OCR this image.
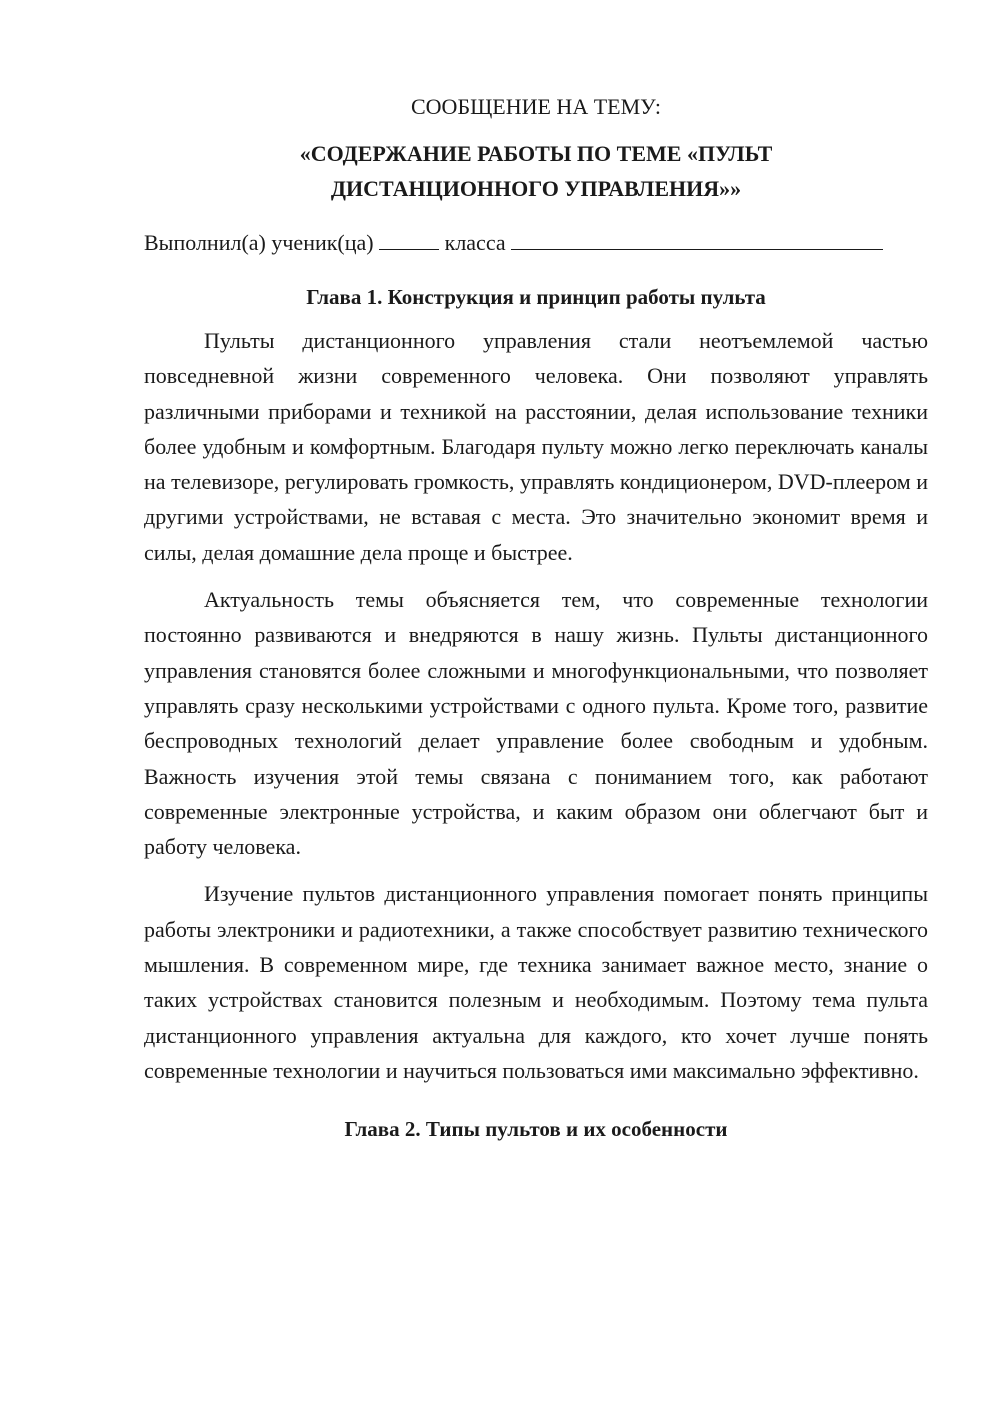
СООБЩЕНИЕ НА ТЕМУ:

«СОДЕРЖАНИЕ РАБОТЫ ПО ТЕМЕ «ПУЛЬТ ДИСТАНЦИОННОГО УПРАВЛЕНИЯ»»

Выполнил(а) ученик(ца)	класса

Глава 1. Конструкция и принцип работы пульта

Пульты дистанционного управления стали неотъемлемой частью повседневной жизни современного человека. Они позволяют управлять различными приборами и техникой на расстоянии, делая использование техники более удобным и комфортным. Благодаря пульту можно легко переключать каналы на телевизоре, регулировать громкость, управлять кондиционером, DVD-плеером и другими устройствами, не вставая с места. Это значительно экономит время и силы, делая домашние дела проще и быстрее.

Актуальность темы объясняется тем, что современные технологии постоянно развиваются и внедряются в нашу жизнь. Пульты дистанционного управления становятся более сложными и многофункциональными, что позволяет управлять сразу несколькими устройствами с одного пульта. Кроме того, развитие беспроводных технологий делает управление более свободным и удобным. Важность изучения этой темы связана с пониманием того, как работают современные электронные устройства, и каким образом они облегчают быт и работу человека.

Изучение пультов дистанционного управления помогает понять принципы работы электроники и радиотехники, а также способствует развитию технического мышления. В современном мире, где техника занимает важное место, знание о таких устройствах становится полезным и необходимым. Поэтому тема пульта дистанционного управления актуальна для каждого, кто хочет лучше понять современные технологии и научиться пользоваться ими максимально эффективно.

Глава 2. Типы пультов и их особенности
